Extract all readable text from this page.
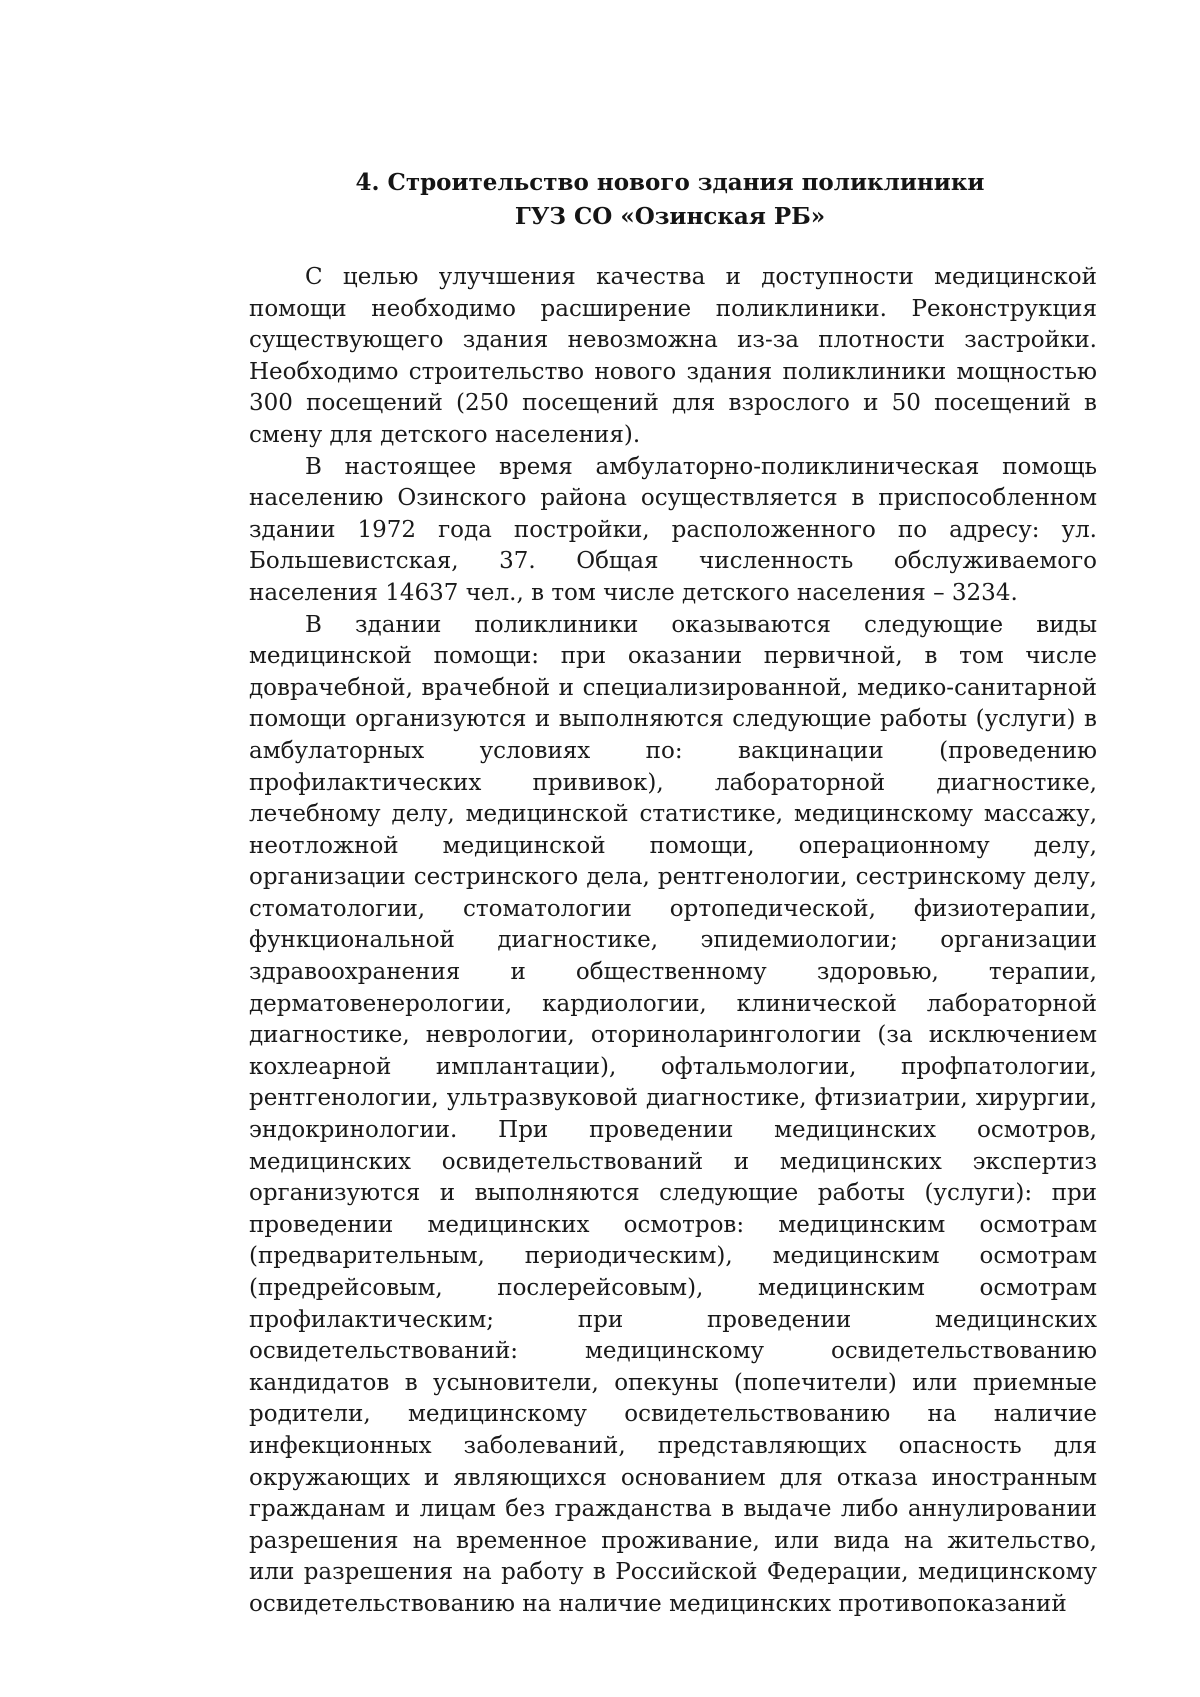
4. Строительство нового здания поликлиники
ГУЗ СО «Озинская РБ»

С целью улучшения качества и доступности медицинской помощи необходимо расширение поликлиники. Реконструкция существующего здания невозможна из-за плотности застройки. Необходимо строительство нового здания поликлиники мощностью 300 посещений (250 посещений для взрослого и 50 посещений в смену для детского населения).

В настоящее время амбулаторно-поликлиническая помощь населению Озинского района осуществляется в приспособленном здании 1972 года постройки, расположенного по адресу: ул. Большевистская, 37. Общая численность обслуживаемого населения 14637 чел., в том числе детского населения – 3234.

В здании поликлиники оказываются следующие виды медицинской помощи: при оказании первичной, в том числе доврачебной, врачебной и специализированной, медико-санитарной помощи организуются и выполняются следующие работы (услуги) в амбулаторных условиях по: вакцинации (проведению профилактических прививок), лабораторной диагностике, лечебному делу, медицинской статистике, медицинскому массажу, неотложной медицинской помощи, операционному делу, организации сестринского дела, рентгенологии, сестринскому делу, стоматологии, стоматологии ортопедической, физиотерапии, функциональной диагностике, эпидемиологии; организации здравоохранения и общественному здоровью, терапии, дерматовенерологии, кардиологии, клинической лабораторной диагностике, неврологии, оториноларингологии (за исключением кохлеарной имплантации), офтальмологии, профпатологии, рентгенологии, ультразвуковой диагностике, фтизиатрии, хирургии, эндокринологии. При проведении медицинских осмотров, медицинских освидетельствований и медицинских экспертиз организуются и выполняются следующие работы (услуги): при проведении медицинских осмотров: медицинским осмотрам (предварительным, периодическим), медицинским осмотрам (предрейсовым, послерейсовым), медицинским осмотрам профилактическим; при проведении медицинских освидетельствований: медицинскому освидетельствованию кандидатов в усыновители, опекуны (попечители) или приемные родители, медицинскому освидетельствованию на наличие инфекционных заболеваний, представляющих опасность для окружающих и являющихся основанием для отказа иностранным гражданам и лицам без гражданства в выдаче либо аннулировании разрешения на временное проживание, или вида на жительство, или разрешения на работу в Российской Федерации, медицинскому освидетельствованию на наличие медицинских противопоказаний
